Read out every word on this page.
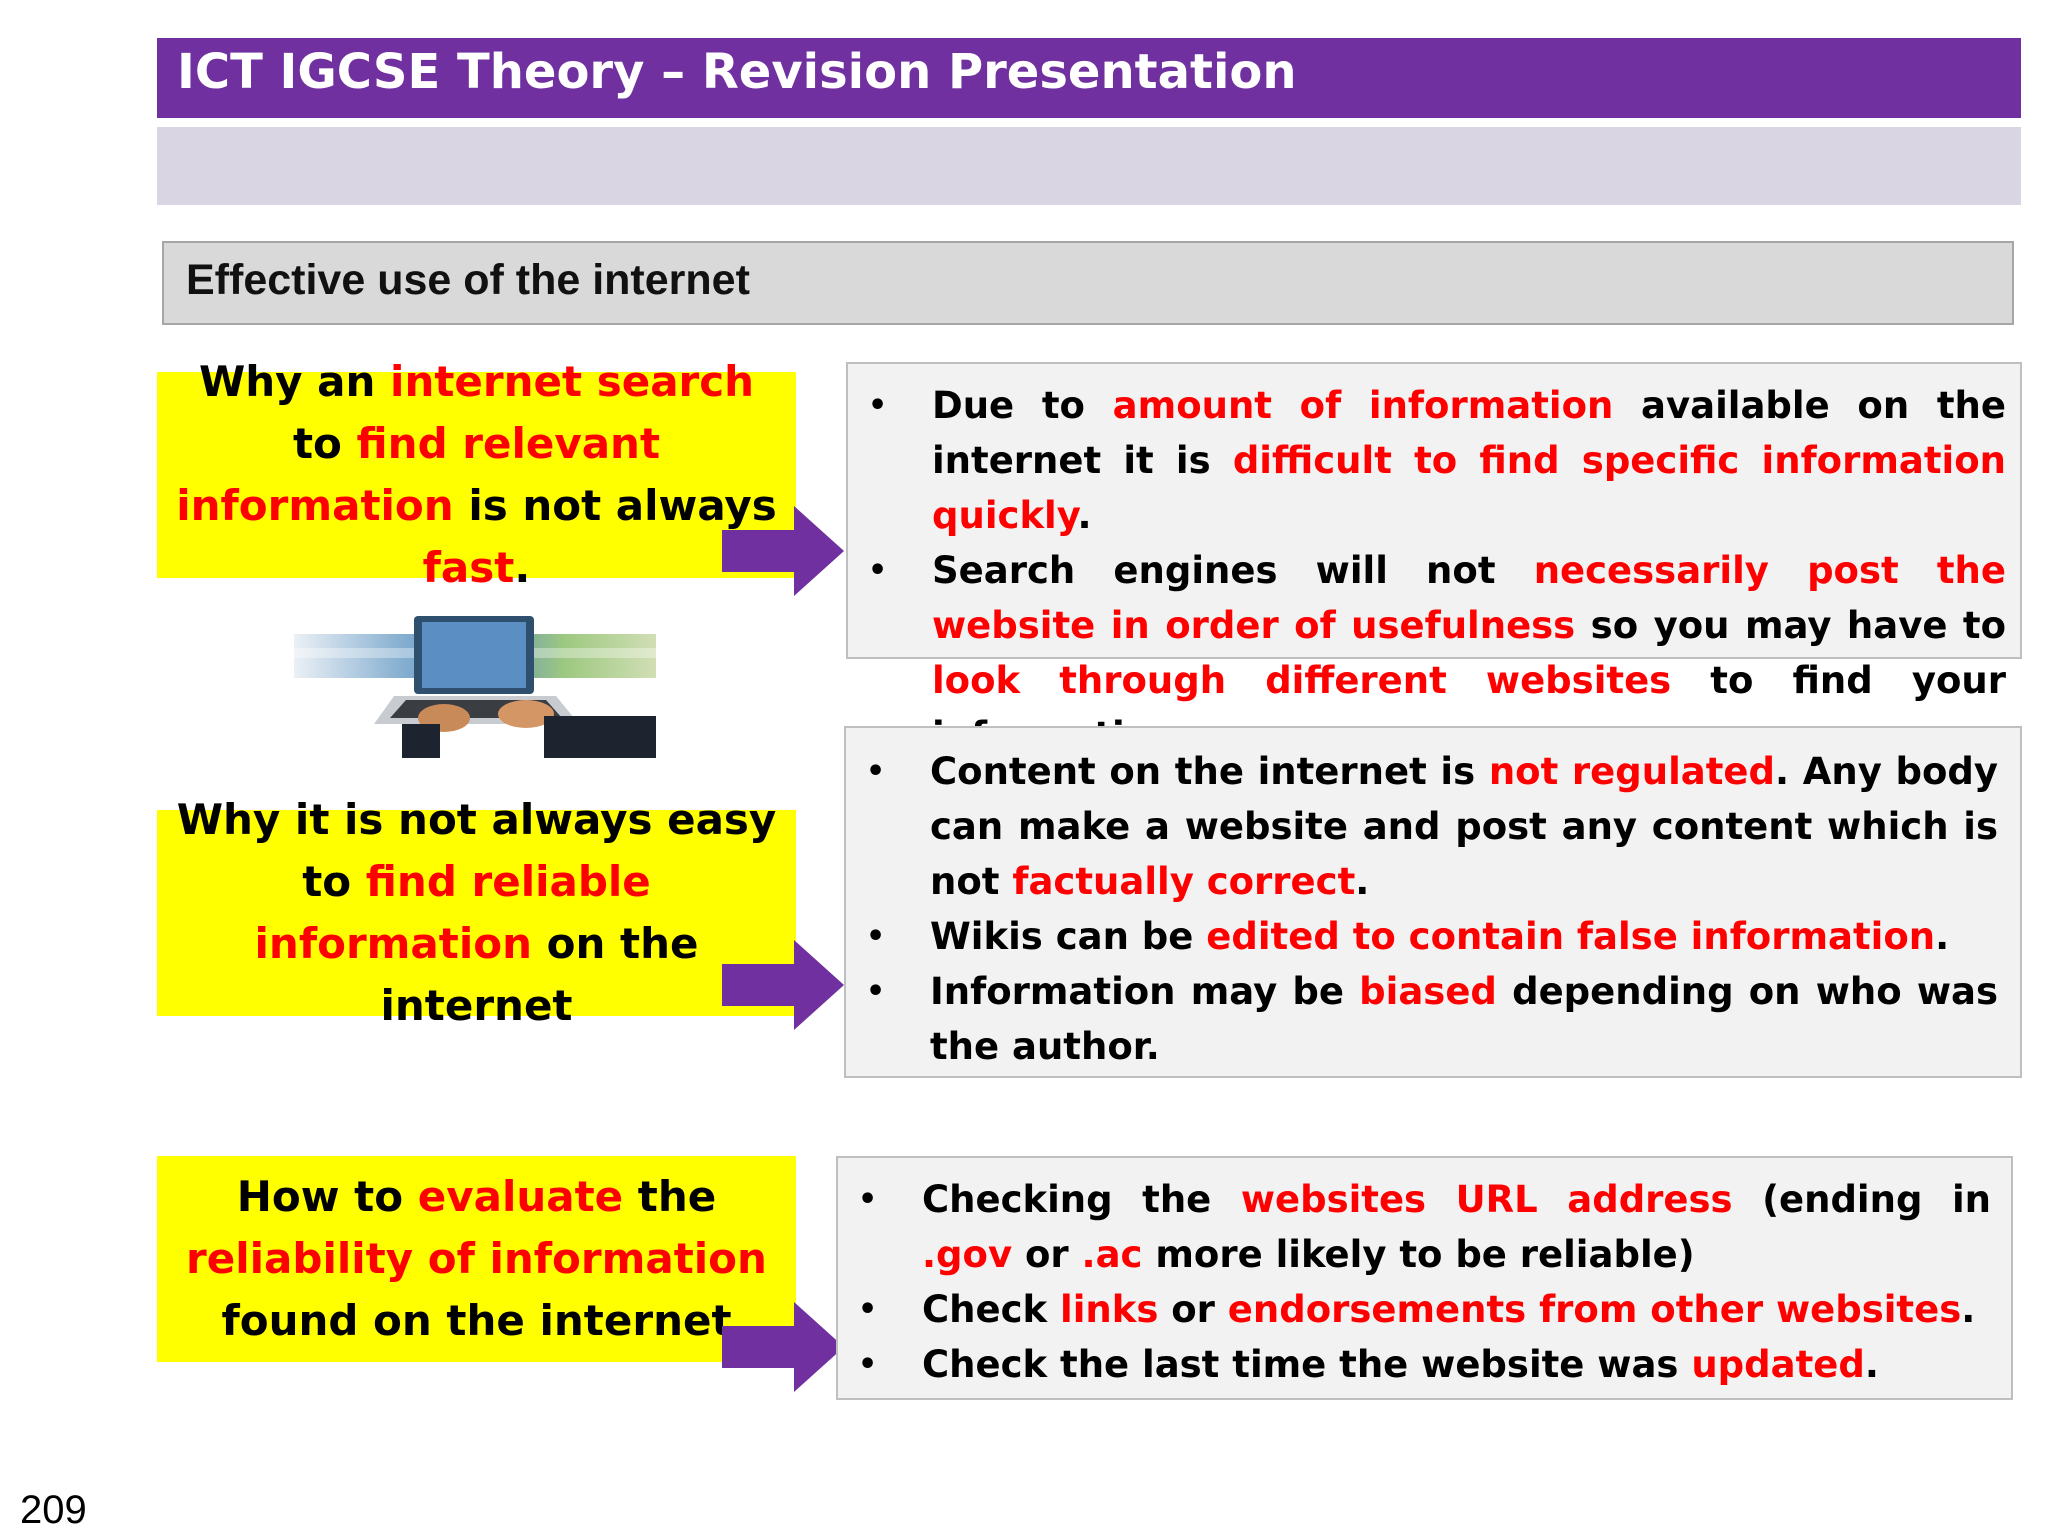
ICT IGCSE Theory – Revision Presentation
Effective use of the internet
Why an internet search to find relevant information is not always fast.
• Due to amount of information available on the internet it is difficult to find specific information quickly.
• Search engines will not necessarily post the website in order of usefulness so you may have to look through different websites to find your
Why it is not always easy to find reliable information on the internet
• Content on the internet is not regulated. Any body can make a website and post any content which is not factually correct.
• Wikis can be edited to contain false information.
• Information may be biased depending on who was the author.
How to evaluate the reliability of information found on the internet
• Checking the websites URL address (ending in .gov or .ac more likely to be reliable)
• Check links or endorsements from other websites.
• Check the last time the website was updated.
209
